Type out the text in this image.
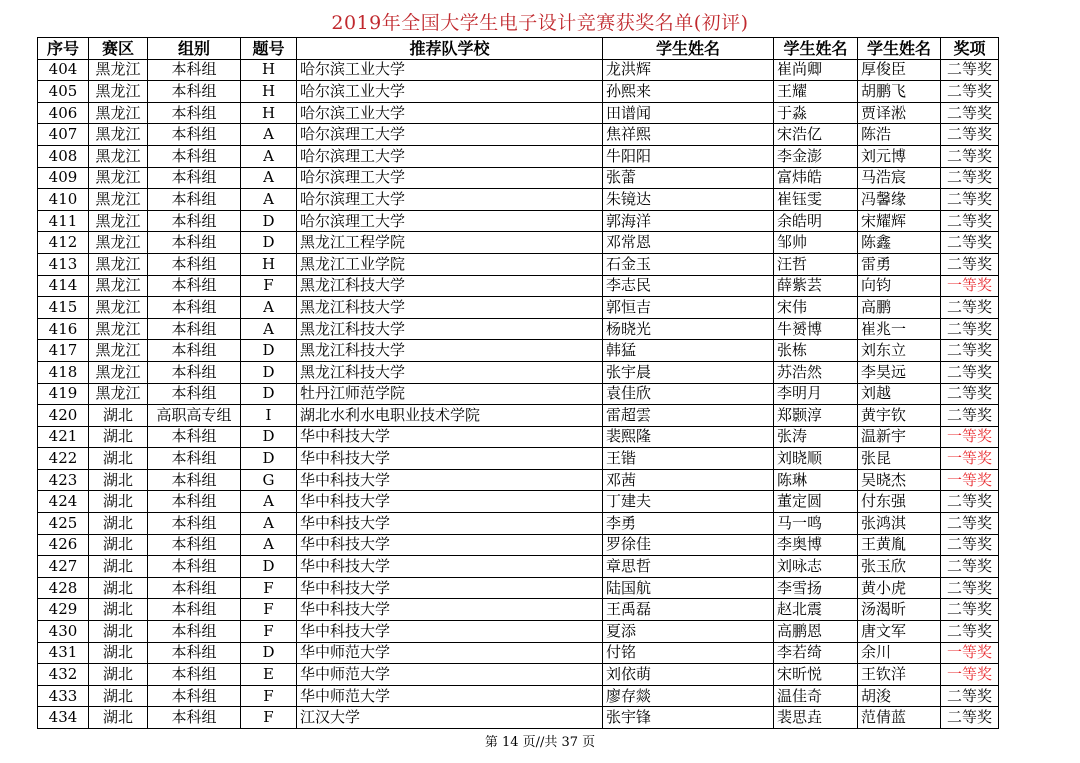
2019年全国大学生电子设计竞赛获奖名单(初评)
序号	赛区	组别	题号	推荐队学校	学生姓名	学生姓名	学生姓名	奖项
404	黑龙江	本科组	H	哈尔滨工业大学	龙洪辉	崔尚卿	厚俊臣	二等奖
405	黑龙江	本科组	H	哈尔滨工业大学	孙熙来	王耀	胡鹏飞	二等奖
406	黑龙江	本科组	H	哈尔滨工业大学	田谱闻	于淼	贾译淞	二等奖
407	黑龙江	本科组	A	哈尔滨理工大学	焦祥熙	宋浩亿	陈浩	二等奖
408	黑龙江	本科组	A	哈尔滨理工大学	牛阳阳	李金澎	刘元博	二等奖
409	黑龙江	本科组	A	哈尔滨理工大学	张蕾	富炜皓	马浩宸	二等奖
410	黑龙江	本科组	A	哈尔滨理工大学	朱镜达	崔钰雯	冯馨缘	二等奖
411	黑龙江	本科组	D	哈尔滨理工大学	郭海洋	余皓明	宋耀辉	二等奖
412	黑龙江	本科组	D	黑龙江工程学院	邓常恩	邹帅	陈鑫	二等奖
413	黑龙江	本科组	H	黑龙江工业学院	石金玉	汪哲	雷勇	二等奖
414	黑龙江	本科组	F	黑龙江科技大学	李志民	薛紫芸	向钧	一等奖
415	黑龙江	本科组	A	黑龙江科技大学	郭恒吉	宋伟	高鹏	二等奖
416	黑龙江	本科组	A	黑龙江科技大学	杨晓光	牛赟博	崔兆一	二等奖
417	黑龙江	本科组	D	黑龙江科技大学	韩猛	张栋	刘东立	二等奖
418	黑龙江	本科组	D	黑龙江科技大学	张宇晨	苏浩然	李昊远	二等奖
419	黑龙江	本科组	D	牡丹江师范学院	袁佳欣	李明月	刘越	二等奖
420	湖北	高职高专组	I	湖北水利水电职业技术学院	雷超雲	郑颢淳	黄宇钦	二等奖
421	湖北	本科组	D	华中科技大学	裴熙隆	张涛	温新宇	一等奖
422	湖北	本科组	D	华中科技大学	王锴	刘晓顺	张昆	一等奖
423	湖北	本科组	G	华中科技大学	邓茜	陈琳	吴晓杰	一等奖
424	湖北	本科组	A	华中科技大学	丁建夫	董定圆	付东强	二等奖
425	湖北	本科组	A	华中科技大学	李勇	马一鸣	张鸿淇	二等奖
426	湖北	本科组	A	华中科技大学	罗徐佳	李奥博	王黄胤	二等奖
427	湖北	本科组	D	华中科技大学	章思哲	刘咏志	张玉欣	二等奖
428	湖北	本科组	F	华中科技大学	陆国航	李雪扬	黄小虎	二等奖
429	湖北	本科组	F	华中科技大学	王禹磊	赵北震	汤渴昕	二等奖
430	湖北	本科组	F	华中科技大学	夏添	高鹏恩	唐文军	二等奖
431	湖北	本科组	D	华中师范大学	付铭	李若绮	余川	一等奖
432	湖北	本科组	E	华中师范大学	刘依萌	宋昕悦	王钦洋	一等奖
433	湖北	本科组	F	华中师范大学	廖存燚	温佳奇	胡浚	二等奖
434	湖北	本科组	F	江汉大学	张宇锋	裴思垚	范倩蓝	二等奖
第 14 页//共 37 页
